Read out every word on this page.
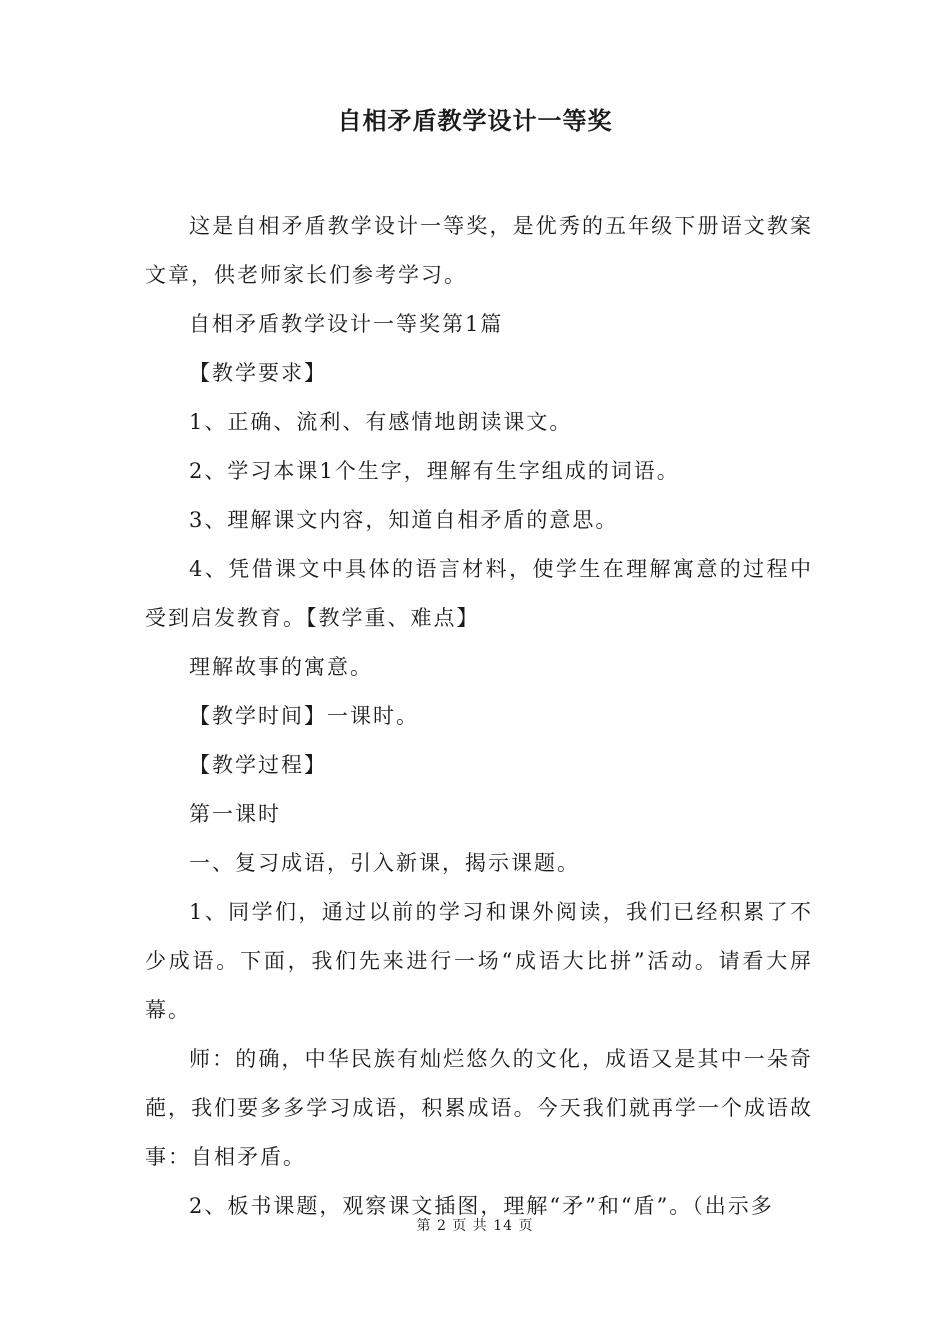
自相矛盾教学设计一等奖

这是自相矛盾教学设计一等奖，是优秀的五年级下册语文教案文章，供老师家长们参考学习。

自相矛盾教学设计一等奖第1篇

【教学要求】

1、正确、流利、有感情地朗读课文。

2、学习本课1个生字，理解有生字组成的词语。

3、理解课文内容，知道自相矛盾的意思。

4、凭借课文中具体的语言材料，使学生在理解寓意的过程中受到启发教育。【教学重、难点】

理解故事的寓意。

【教学时间】一课时。

【教学过程】

第一课时

一、复习成语，引入新课，揭示课题。

1、同学们，通过以前的学习和课外阅读，我们已经积累了不少成语。下面，我们先来进行一场“成语大比拼”活动。请看大屏幕。

师：的确，中华民族有灿烂悠久的文化，成语又是其中一朵奇葩，我们要多多学习成语，积累成语。今天我们就再学一个成语故事：自相矛盾。

2、板书课题，观察课文插图，理解“矛”和“盾”。（出示多

第 2 页 共 14 页
